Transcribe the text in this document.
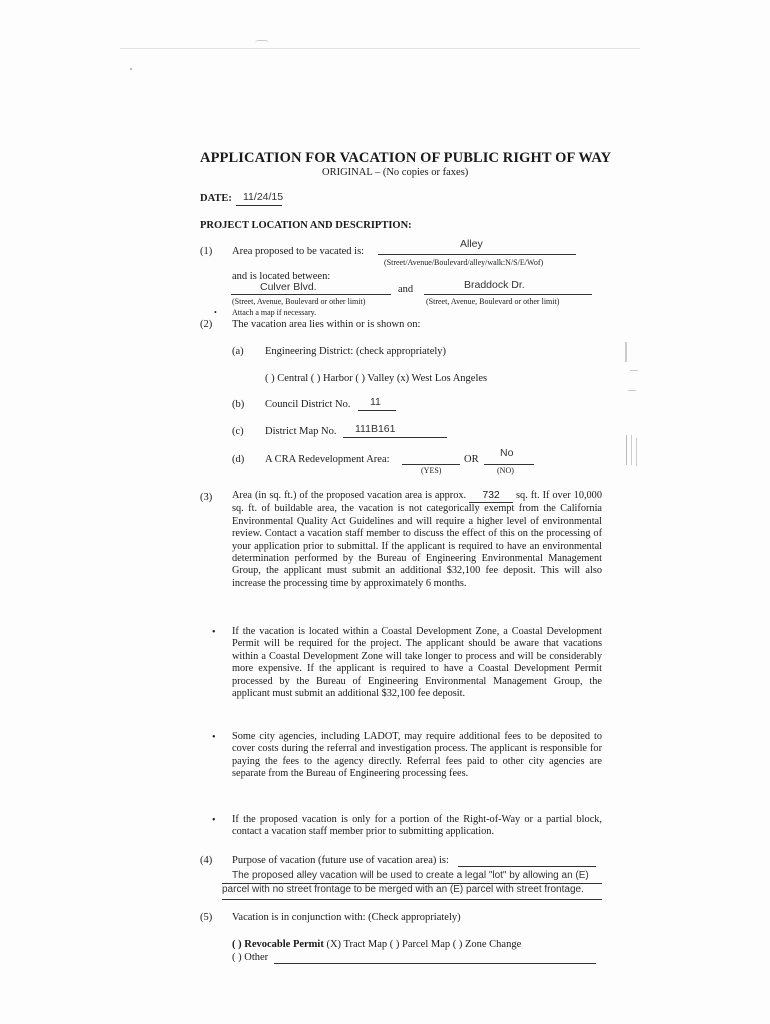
APPLICATION FOR VACATION OF PUBLIC RIGHT OF WAY
ORIGINAL – (No copies or faxes)
DATE: 11/24/15
PROJECT LOCATION AND DESCRIPTION:
(1) Area proposed to be vacated is:
Alley
(Street/Avenue/Boulevard/alley/walk:N/S/E/Wof)
and is located between:
Culver Blvd.	and	Braddock Dr.
(Street, Avenue, Boulevard or other limit)	(Street, Avenue, Boulevard or other limit)
• Attach a map if necessary.
(2) The vacation area lies within or is shown on:
(a) Engineering District: (check appropriately)
( ) Central ( ) Harbor ( ) Valley (x) West Los Angeles
(b) Council District No. 11
(c) District Map No. 111B161
(d) A CRA Redevelopment Area:	OR
No
(YES)	(NO)
(3) Area (in sq. ft.) of the proposed vacation area is approx. 732 sq. ft. If over 10,000 sq. ft. of buildable area, the vacation is not categorically exempt from the California Environmental Quality Act Guidelines and will require a higher level of environmental review. Contact a vacation staff member to discuss the effect of this on the processing of your application prior to submittal. If the applicant is required to have an environmental determination performed by the Bureau of Engineering Environmental Management Group, the applicant must submit an additional $32,100 fee deposit. This will also increase the processing time by approximately 6 months.
• If the vacation is located within a Coastal Development Zone, a Coastal Development Permit will be required for the project. The applicant should be aware that vacations within a Coastal Development Zone will take longer to process and will be considerably more expensive. If the applicant is required to have a Coastal Development Permit processed by the Bureau of Engineering Environmental Management Group, the applicant must submit an additional $32,100 fee deposit.
• Some city agencies, including LADOT, may require additional fees to be deposited to cover costs during the referral and investigation process. The applicant is responsible for paying the fees to the agency directly. Referral fees paid to other city agencies are separate from the Bureau of Engineering processing fees.
• If the proposed vacation is only for a portion of the Right-of-Way or a partial block, contact a vacation staff member prior to submitting application.
(4) Purpose of vacation (future use of vacation area) is:
The proposed alley vacation will be used to create a legal "lot" by allowing an (E)
parcel with no street frontage to be merged with an (E) parcel with street frontage.
(5) Vacation is in conjunction with: (Check appropriately)
( ) Revocable Permit (X) Tract Map ( ) Parcel Map ( ) Zone Change
( ) Other
